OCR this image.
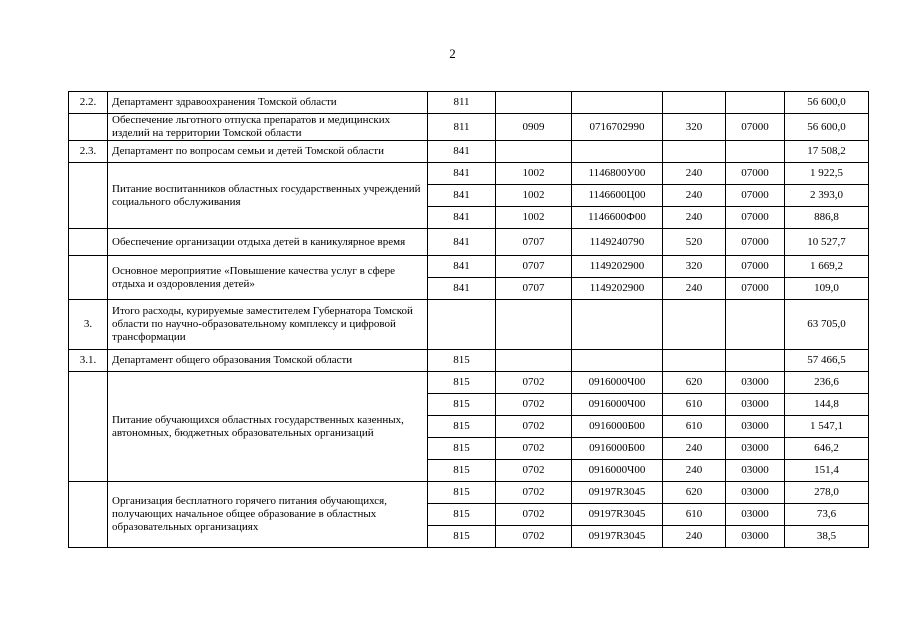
2
2.2.	Департамент здравоохранения Томской области	811					56 600,0
	Обеспечение льготного отпуска препаратов и медицинских изделий на территории Томской области	811	0909	0716702990	320	07000	56 600,0
2.3.	Департамент по вопросам семьи и детей Томской области	841					17 508,2
	Питание воспитанников областных государственных учреждений социального обслуживания	841	1002	1146800У00	240	07000	1 922,5
		841	1002	1146600Ц00	240	07000	2 393,0
		841	1002	1146600Ф00	240	07000	886,8
	Обеспечение организации отдыха детей в каникулярное время	841	0707	1149240790	520	07000	10 527,7
	Основное мероприятие «Повышение качества услуг в сфере отдыха и оздоровления детей»	841	0707	1149202900	320	07000	1 669,2
		841	0707	1149202900	240	07000	109,0
3.	Итого расходы, курируемые заместителем Губернатора Томской области по научно-образовательному комплексу и цифровой трансформации						63 705,0
3.1.	Департамент общего образования Томской области	815					57 466,5
	Питание обучающихся областных государственных казенных, автономных, бюджетных образовательных организаций	815	0702	0916000Ч00	620	03000	236,6
		815	0702	0916000Ч00	610	03000	144,8
		815	0702	0916000Б00	610	03000	1 547,1
		815	0702	0916000Б00	240	03000	646,2
		815	0702	0916000Ч00	240	03000	151,4
	Организация бесплатного горячего питания обучающихся, получающих начальное общее образование в областных образовательных организациях	815	0702	09197R3045	620	03000	278,0
		815	0702	09197R3045	610	03000	73,6
		815	0702	09197R3045	240	03000	38,5
